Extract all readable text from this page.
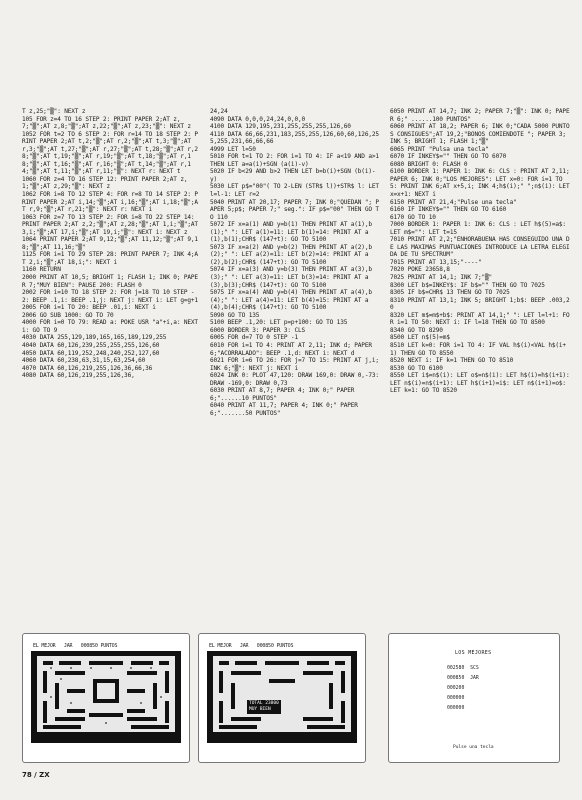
T z,25;"▒": NEXT z
105 FOR z=4 TO 16 STEP 2: PRINT PAPER 2;AT z,7;"▒";AT z,8;"▒";AT z,22;"▒";AT z,23;"▒": NEXT z
1052 FOR t=2 TO 6 STEP 2: FOR r=14 TO 18 STEP 2: PRINT PAPER 2;AT t,2;"▒";AT r,2;"▒";AT t,3;"▒";AT r,3;"▒";AT t,27;"▒";AT r,27;"▒";AT t,28;"▒";AT r,28;"▒";AT t,19;"▒";AT r,19;"▒";AT t,18;"▒";AT r,18;"▒";AT t,16;"▒";AT r,16;"▒";AT t,14;"▒";AT r,14;"▒";AT t,11;"▒";AT r,11;"▒": NEXT r: NEXT t
1060 FOR z=4 TO 16 STEP 12: PRINT PAPER 2;AT z,1;"▒";AT z,29;"▒": NEXT z
1062 FOR i=8 TO 12 STEP 4: FOR r=8 TO 14 STEP 2: PRINT PAPER 2;AT i,14;"▒";AT i,16;"▒";AT i,18;"▒";AT r,9;"▒";AT r,21;"▒": NEXT r: NEXT i
1063 FOR z=7 TO 13 STEP 2: FOR i=8 TO 22 STEP 14: PRINT PAPER 2;AT z,2;"▒";AT z,28;"▒";AT 1,i;"▒";AT 3,i;"▒";AT 17,i;"▒";AT 19,i;"▒": NEXT i: NEXT z
1064 PRINT PAPER 2;AT 9,12;"▒";AT 11,12;"▒";AT 9,18;"▒";AT 11,16;"▒"
1125 FOR i=1 TO 29 STEP 28: PRINT PAPER 7; INK 4;AT 2,i;"▒";AT 18,i;": NEXT i
1160 RETURN
2000 PRINT AT 10,5; BRIGHT 1; FLASH 1; INK 0; PAPER 7;"MUY BIEN": PAUSE 200: FLASH 0
2002 FOR i=10 TO 18 STEP 2: FOR j=18 TO 10 STEP -2: BEEP .1,i: BEEP .1,j: NEXT j: NEXT i: LET g=g+1
2005 FOR i=1 TO 20: BEEP .01,i: NEXT i
2006 GO SUB 1000: GO TO 70
4000 FOR i=0 TO 79: READ a: POKE USR "a"+i,a: NEXT i: GO TO 9
4030 DATA 255,129,189,165,165,189,129,255
4040 DATA 60,126,239,255,255,255,126,60
4050 DATA 60,119,252,248,240,252,127,60
4060 DATA 60,238,63,31,15,63,254,60
4070 DATA 60,126,219,255,126,36,66,36
4080 DATA 60,126,219,255,126,36,
24,24
4090 DATA 0,0,0,24,24,0,0,0
4100 DATA 129,195,231,255,255,255,126,60
4110 DATA 66,66,231,183,255,255,126,60,60,126,255,255,231,66,66,66
4999 LET l=50
5010 FOR t=1 TO 2: FOR i=1 TO 4: IF a<19 AND a>1 THEN LET a=a(i)+SGN (a(i)-v)
5020 IF b<29 AND b>2 THEN LET b=b(i)+SGN (b(i)-y)
5030 LET p$="00"( TO 2-LEN (STR$ l))+STR$ l: LET l=l-1: LET r=2
5040 PRINT AT 20,17; PAPER 7; INK 0;"QUEDAN "; PAPER 5;p$; PAPER 7;" seg.": IF p$="00" THEN GO TO 110
5072 IF x=a(1) AND y=b(1) THEN PRINT AT a(1),b(1);" ": LET a(1)=11: LET b(1)=14: PRINT AT a(1),b(1);CHR$ (147+t): GO TO 5100
5073 IF x=a(2) AND y=b(2) THEN PRINT AT a(2),b(2);" ": LET a(2)=11: LET b(2)=14: PRINT AT a(2),b(2);CHR$ (147+t): GO TO 5100
5074 IF x=a(3) AND y=b(3) THEN PRINT AT a(3),b(3);" ": LET a(3)=11: LET b(3)=14: PRINT AT a(3),b(3);CHR$ (147+t): GO TO 5100
5075 IF x=a(4) AND y=b(4) THEN PRINT AT a(4),b(4);" ": LET a(4)=11: LET b(4)=15: PRINT AT a(4),b(4);CHR$ (147+t): GO TO 5100
5090 GO TO 135
5100 BEEP .1,20: LET p=p+100: GO TO 135
6000 BORDER 3: PAPER 3: CLS
6005 FOR d=7 TO 0 STEP -1
6010 FOR i=1 TO 4: PRINT AT 2,11; INK d; PAPER 6;"ACORRALADO": BEEP .1,d: NEXT i: NEXT d
6021 FOR i=6 TO 26: FOR j=7 TO 15: PRINT AT j,i; INK 6;"▒": NEXT j: NEXT i
6024 INK 0: PLOT 47,120: DRAW 169,0: DRAW 0,-73: DRAW -169,0: DRAW 0,73
6030 PRINT AT 8,7; PAPER 4; INK 0;" PAPER 6;"......10 PUNTOS"
6040 PRINT AT 11,7; PAPER 4; INK 0;" PAPER 6;".......50 PUNTOS"
6050 PRINT AT 14,7; INK 2; PAPER 7;"▒": INK 0; PAPER 6;" ......100 PUNTOS"
6060 PRINT AT 18,2; PAPER 6; INK 0;"CADA 5000 PUNTOS CONSIGUES";AT 19,2;"BONOS COMIENDOTE "; PAPER 3; INK 5; BRIGHT 1; FLASH 1;"▒"
6065 PRINT "Pulsa una tecla"
6070 IF INKEY$="" THEN GO TO 6070
6080 BRIGHT 0: FLASH 0
6100 BORDER 1: PAPER 1: INK 6: CLS : PRINT AT 2,11; PAPER 6; INK 0;"LOS MEJORES": LET x=0: FOR i=1 TO 5: PRINT INK 6;AT x+5,i; INK 4;h$(i);" ";n$(i): LET x=x+1: NEXT i
6150 PRINT AT 21,4;"Pulse una tecla"
6160 IF INKEY$="" THEN GO TO 6160
6170 GO TO 10
7000 BORDER 1: PAPER 1: INK 6: CLS : LET h$(5)=a$: LET m$="": LET t=15
7010 PRINT AT 2,2;"ENHORABUENA HAS CONSEGUIDO UNA DE LAS MAXIMAS PUNTUACIONES INTRODUCE LA LETRA ELEGIDA DE TU SPECTRUM"
7015 PRINT AT 13,15;"----"
7020 POKE 23658,8
7025 PRINT AT 14,1; INK 7;"▒"
8300 LET b$=INKEY$: IF b$="" THEN GO TO 7025
8305 IF b$=CHR$ 13 THEN GO TO 7025
8310 PRINT AT 13,1; INK 5; BRIGHT 1;b$: BEEP .003,20
8320 LET m$=m$+b$: PRINT AT 14,1;" ": LET l=l+1: FOR i=1 TO 50: NEXT i: IF l=18 THEN GO TO 8500
8340 GO TO 8290
8500 LET n$(5)=m$
8510 LET k=0: FOR i=1 TO 4: IF VAL h$(i)<VAL h$(i+1) THEN GO TO 8550
8520 NEXT i: IF k=1 THEN GO TO 8510
8530 GO TO 6100
8550 LET i$=n$(i): LET o$=n$(i): LET h$(i)=h$(i+1): LET n$(i)=n$(i+1): LET h$(i+1)=i$: LET n$(i+1)=o$: LET k=1: GO TO 8520
EL MEJOR   JAR   000850 PUNTOS
PUNTOS  000400  QUEDAN 84 seg.
EL MEJOR   JAR   000850 PUNTOS
TOTAL 23800
MUY BIEN
PUNTOS  002900  QUEDAN 68 seg.
LOS MEJORES
002580  SCS
000850  JAR
000200
000000
000000
Pulse una tecla
78 / ZX
